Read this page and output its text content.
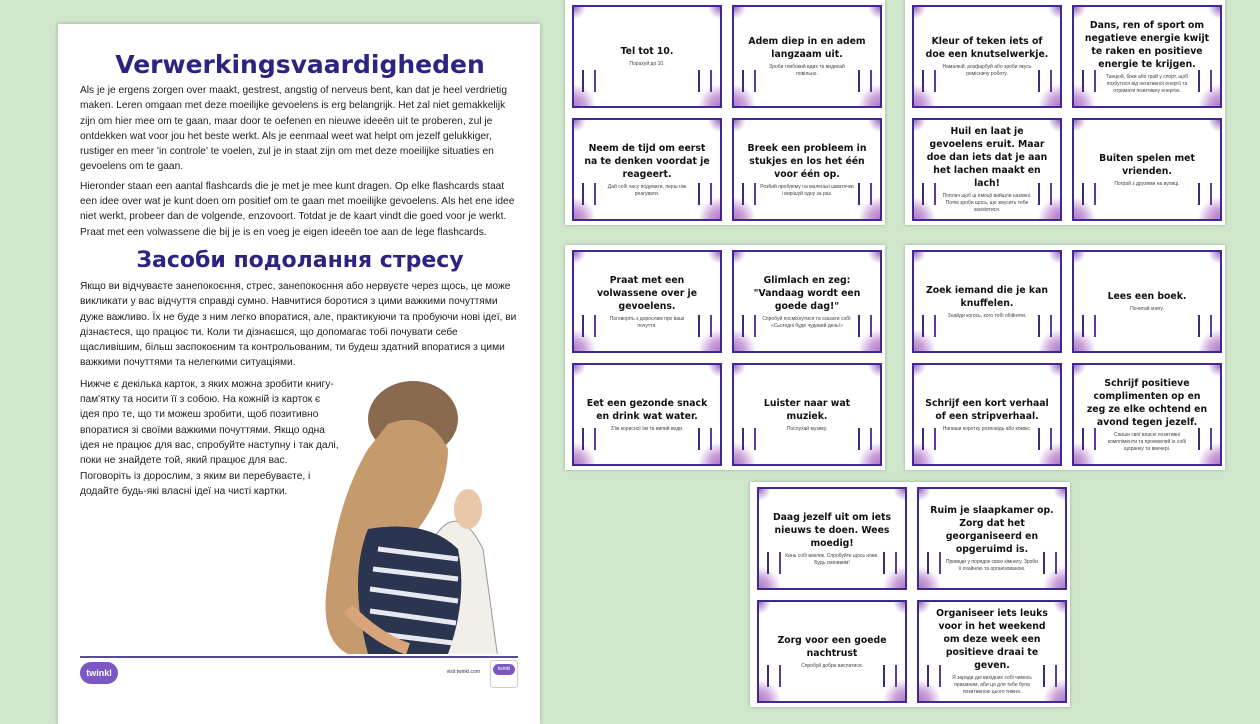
Verwerkingsvaardigheden

Als je je ergens zorgen over maakt, gestrest, angstig of nerveus bent, kan dat je heel verdrietig maken. Leren omgaan met deze moeilijke gevoelens is erg belangrijk. Het zal niet gemakkelijk zijn om hier mee om te gaan, maar door te oefenen en nieuwe ideeën uit te proberen, zul je ontdekken wat voor jou het beste werkt. Als je eenmaal weet wat helpt om jezelf gelukkiger, rustiger en meer 'in controle' te voelen, zul je in staat zijn om met deze moeilijke situaties en gevoelens om te gaan.

Hieronder staan een aantal flashcards die je met je mee kunt dragen. Op elke flashcards staat een idee over wat je kunt doen om positief om te gaan met moeilijke gevoelens. Als het ene idee niet werkt, probeer dan de volgende, enzovoort. Totdat je de kaart vindt die goed voor je werkt. Praat met een volwassene die bij je is en voeg je eigen ideeën toe aan de lege flashcards.

Засоби подолання стресу

Якщо ви відчуваєте занепокоєння, стрес, занепокоєння або нервуєте через щось, це може викликати у вас відчуття справді сумно. Навчитися боротися з цими важкими почуттями дуже важливо. Їх не буде з ним легко впоратися, але, практикуючи та пробуючи нові ідеї, ви дізнаєтеся, що працює ти. Коли ти дізнаєшся, що допомагає тобі почувати себе щасливішим, більш заспокоєним та контрольованим, ти будеш здатний впоратися з цими важкими почуттями та нелегкими ситуаціями.

Нижче є декілька карток, з яких можна зробити книгу-пам'ятку та носити її з собою. На кожній із карток є ідея про те, що ти можеш зробити, щоб позитивно впоратися зі своїми важкими почуттями. Якщо одна ідея не працює для вас, спробуйте наступну і так далі, поки не знайдете той, який працює для вас.

Поговоріть із дорослим, з яким ви перебуваєте, і додайте будь-які власні ідеї на чисті картки.

twinkl	visit twinkl.com	twinkl
Tel tot 10.
Порахуй до 10.
Adem diep in en adem langzaam uit.
Зроби глибокий вдих та видихай повільно.
Neem de tijd om eerst na te denken voordat je reageert.
Дай собі часу подумати, перш ніж реагувати.
Breek een probleem in stukjes en los het één voor één op.
Розбий проблему на маленькі шматочки і вирішуй одну за раз.
Kleur of teken iets of doe een knutselwerkje.
Намалюй, розфарбуй або зроби якусь ремісничу роботу.
Dans, ren of sport om negatieve energie kwijt te raken en positieve energie te krijgen.
Танцюй, біжи або грай у спорт, щоб позбутися від негативної енергії та отримати позитивну енергію.
Huil en laat je gevoelens eruit. Maar doe dan iets dat je aan het lachen maakt en lach!
Поплач щоб ці емоції вийшли назовні. Потім зроби щось, що змусить тебе засміятися.
Buiten spelen met vrienden.
Пограй з друзями на вулиці.
Praat met een volwassene over je gevoelens.
Поговоріть з дорослим про ваші почуття.
Glimlach en zeg: "Vandaag wordt een goede dag!"
Спробуй посміхнутися та сказати собі: «Сьогодні буде чудовий день!»
Eet een gezonde snack en drink wat water.
З'їж корисної їжі та випий води.
Luister naar wat muziek.
Послухай музику.
Zoek iemand die je kan knuffelen.
Знайди когось, кого тобі обійняти.
Lees een boek.
Почитай книгу.
Schrijf een kort verhaal of een stripverhaal.
Напиши коротку розповідь або комікс.
Schrijf positieve complimenten op en zeg ze elke ochtend en avond tegen jezelf.
Спиши свої власні позитивні компліменти та промовляй їх собі щоранку та ввечері.
Daag jezelf uit om iets nieuws te doen. Wees moedig!
Кинь собі виклик. Спробуйте щось нове. Будь сміливим!
Ruim je slaapkamer op. Zorg dat het georganiseerd en opgeruimd is.
Приведи у порядок свою кімнату. Зроби її охайною та організованою.
Zorg voor een goede nachtrust
Спробуй добре виспатися.
Organiseer iets leuks voor in het weekend om deze week een positieve draai te geven.
Я заради дні вихідних собі чимось приємним, аби ця для тебе була позитивною цього тижня.
